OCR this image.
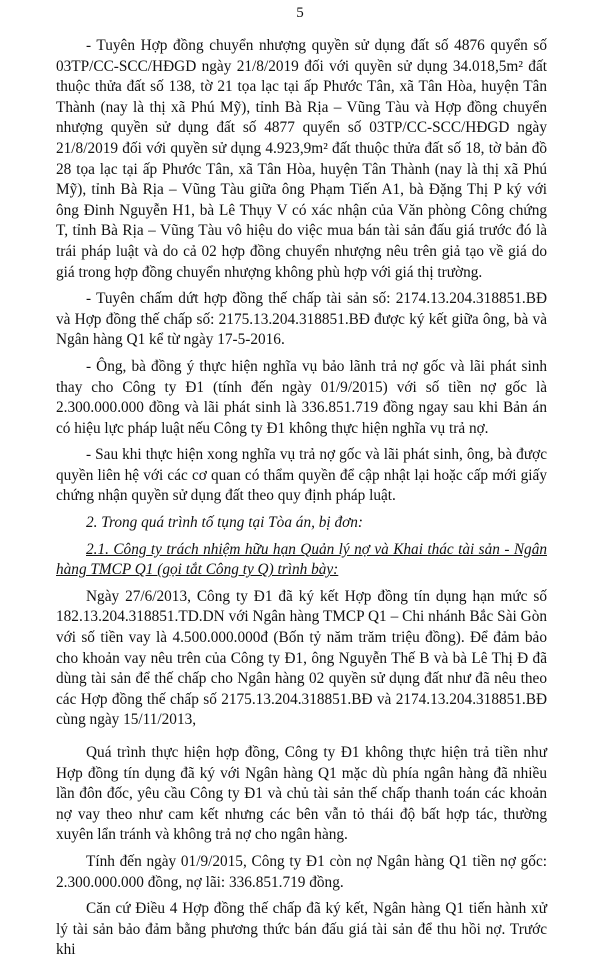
5

- Tuyên Hợp đồng chuyển nhượng quyền sử dụng đất số 4876 quyển số 03TP/CC-SCC/HĐGD ngày 21/8/2019 đối với quyền sử dụng 34.018,5m² đất thuộc thửa đất số 138, tờ 21 tọa lạc tại ấp Phước Tân, xã Tân Hòa, huyện Tân Thành (nay là thị xã Phú Mỹ), tỉnh Bà Rịa – Vũng Tàu và Hợp đồng chuyển nhượng quyền sử dụng đất số 4877 quyển số 03TP/CC-SCC/HĐGD ngày 21/8/2019 đối với quyền sử dụng 4.923,9m² đất thuộc thửa đất số 18, tờ bản đồ 28 tọa lạc tại ấp Phước Tân, xã Tân Hòa, huyện Tân Thành (nay là thị xã Phú Mỹ), tỉnh Bà Rịa – Vũng Tàu giữa ông Phạm Tiến A1, bà Đặng Thị P ký với ông Đinh Nguyễn H1, bà Lê Thụy V có xác nhận của Văn phòng Công chứng T, tỉnh Bà Rịa – Vũng Tàu vô hiệu do việc mua bán tài sản đấu giá trước đó là trái pháp luật và do cả 02 hợp đồng chuyển nhượng nêu trên giả tạo về giá do giá trong hợp đồng chuyển nhượng không phù hợp với giá thị trường.

- Tuyên chấm dứt hợp đồng thế chấp tài sản số: 2174.13.204.318851.BĐ và Hợp đồng thế chấp số: 2175.13.204.318851.BĐ được ký kết giữa ông, bà và Ngân hàng Q1 kể từ ngày 17-5-2016.

- Ông, bà đồng ý thực hiện nghĩa vụ bảo lãnh trả nợ gốc và lãi phát sinh thay cho Công ty Đ1 (tính đến ngày 01/9/2015) với số tiền nợ gốc là 2.300.000.000 đồng và lãi phát sinh là 336.851.719 đồng ngay sau khi Bản án có hiệu lực pháp luật nếu Công ty Đ1 không thực hiện nghĩa vụ trả nợ.

- Sau khi thực hiện xong nghĩa vụ trả nợ gốc và lãi phát sinh, ông, bà được quyền liên hệ với các cơ quan có thẩm quyền để cập nhật lại hoặc cấp mới giấy chứng nhận quyền sử dụng đất theo quy định pháp luật.

2. Trong quá trình tố tụng tại Tòa án, bị đơn:

2.1. Công ty trách nhiệm hữu hạn Quản lý nợ và Khai thác tài sản - Ngân hàng TMCP Q1 (gọi tắt Công ty Q) trình bày:

Ngày 27/6/2013, Công ty Đ1 đã ký kết Hợp đồng tín dụng hạn mức số 182.13.204.318851.TD.DN với Ngân hàng TMCP Q1 – Chi nhánh Bắc Sài Gòn với số tiền vay là 4.500.000.000đ (Bốn tỷ năm trăm triệu đồng). Để đảm bảo cho khoản vay nêu trên của Công ty Đ1, ông Nguyễn Thế B và bà Lê Thị Đ đã dùng tài sản để thế chấp cho Ngân hàng 02 quyền sử dụng đất như đã nêu theo các Hợp đồng thế chấp số 2175.13.204.318851.BĐ và 2174.13.204.318851.BĐ cùng ngày 15/11/2013,

Quá trình thực hiện hợp đồng, Công ty Đ1 không thực hiện trả tiền như Hợp đồng tín dụng đã ký với Ngân hàng Q1 mặc dù phía ngân hàng đã nhiều lần đôn đốc, yêu cầu Công ty Đ1 và chủ tài sản thế chấp thanh toán các khoản nợ vay theo như cam kết nhưng các bên vẫn tỏ thái độ bất hợp tác, thường xuyên lẩn tránh và không trả nợ cho ngân hàng.

Tính đến ngày 01/9/2015, Công ty Đ1 còn nợ Ngân hàng Q1 tiền nợ gốc: 2.300.000.000 đồng, nợ lãi: 336.851.719 đồng.

Căn cứ Điều 4 Hợp đồng thế chấp đã ký kết, Ngân hàng Q1 tiến hành xử lý tài sản bảo đảm bằng phương thức bán đấu giá tài sản để thu hồi nợ. Trước khi
